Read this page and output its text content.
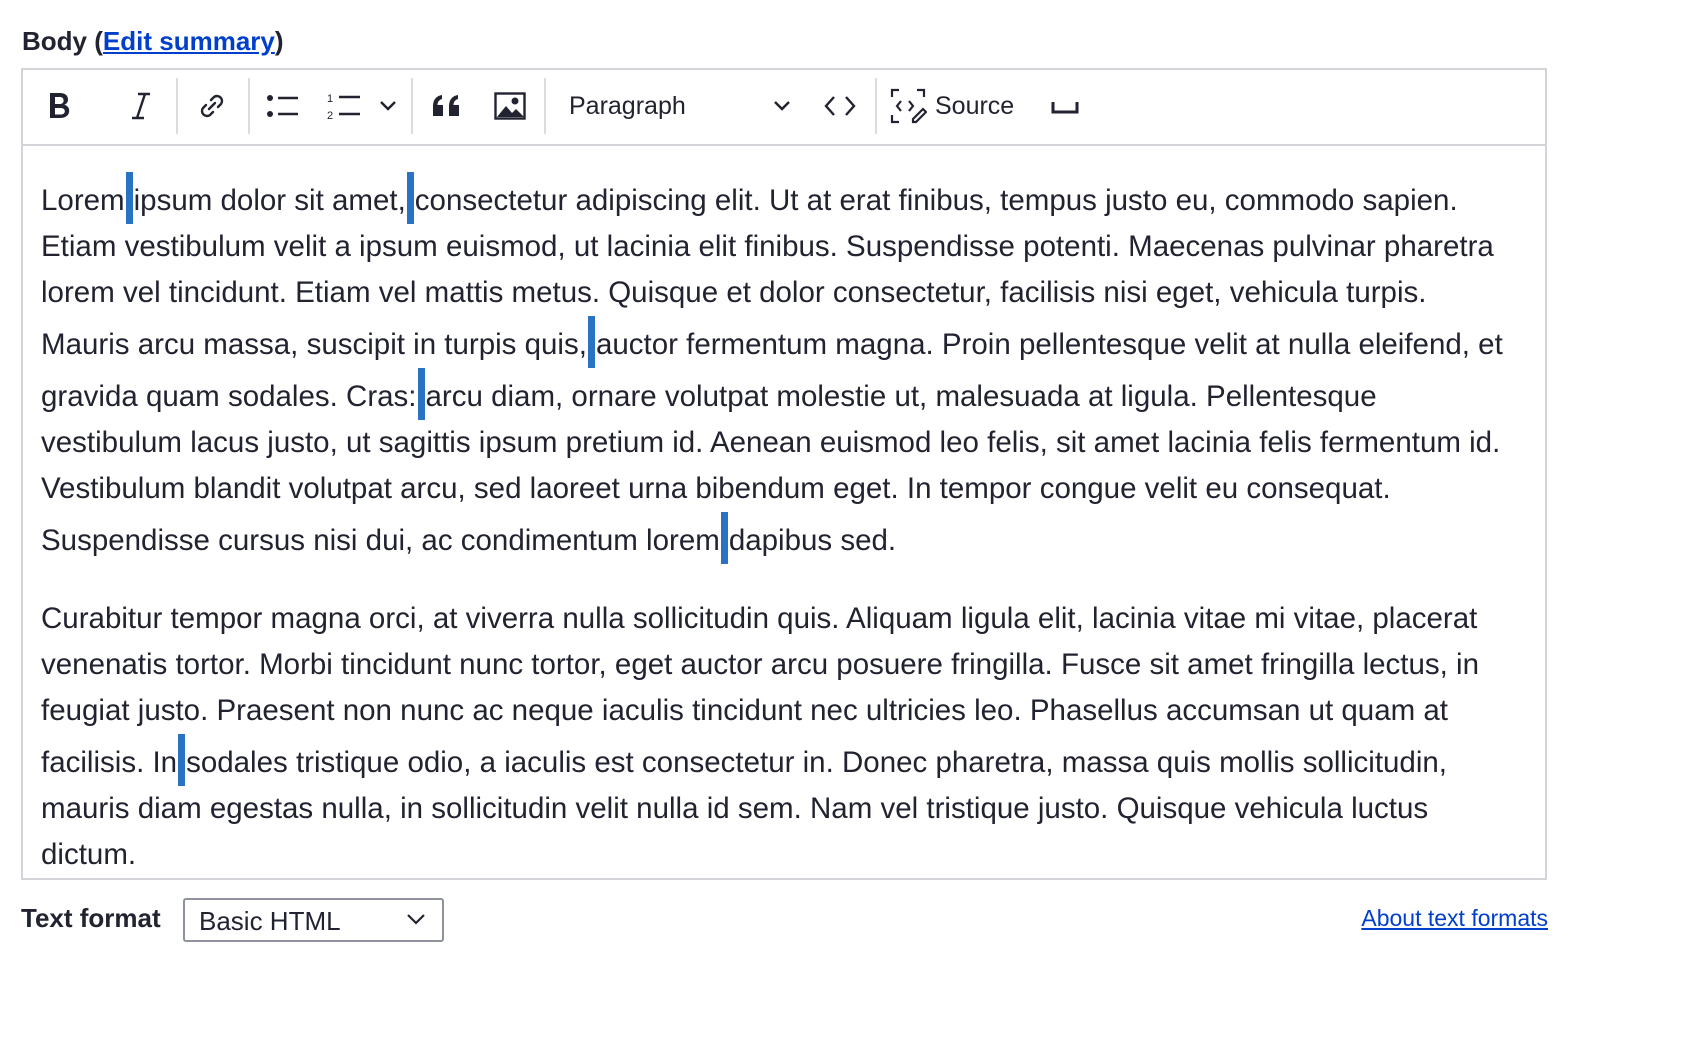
Body (Edit summary)
1
2	Paragraph	Source

Lorem ipsum dolor sit amet, consectetur adipiscing elit. Ut at erat finibus, tempus justo eu, commodo sapien.
Etiam vestibulum velit a ipsum euismod, ut lacinia elit finibus. Suspendisse potenti. Maecenas pulvinar pharetra
lorem vel tincidunt. Etiam vel mattis metus. Quisque et dolor consectetur, facilisis nisi eget, vehicula turpis.
Mauris arcu massa, suscipit in turpis quis, auctor fermentum magna. Proin pellentesque velit at nulla eleifend, et
gravida quam sodales. Cras: arcu diam, ornare volutpat molestie ut, malesuada at ligula. Pellentesque
vestibulum lacus justo, ut sagittis ipsum pretium id. Aenean euismod leo felis, sit amet lacinia felis fermentum id.
Vestibulum blandit volutpat arcu, sed laoreet urna bibendum eget. In tempor congue velit eu consequat.
Suspendisse cursus nisi dui, ac condimentum lorem dapibus sed.

Curabitur tempor magna orci, at viverra nulla sollicitudin quis. Aliquam ligula elit, lacinia vitae mi vitae, placerat
venenatis tortor. Morbi tincidunt nunc tortor, eget auctor arcu posuere fringilla. Fusce sit amet fringilla lectus, in
feugiat justo. Praesent non nunc ac neque iaculis tincidunt nec ultricies leo. Phasellus accumsan ut quam at
facilisis. In sodales tristique odio, a iaculis est consectetur in. Donec pharetra, massa quis mollis sollicitudin,
mauris diam egestas nulla, in sollicitudin velit nulla id sem. Nam vel tristique justo. Quisque vehicula luctus
dictum.

Text format Basic HTML	About text formats
